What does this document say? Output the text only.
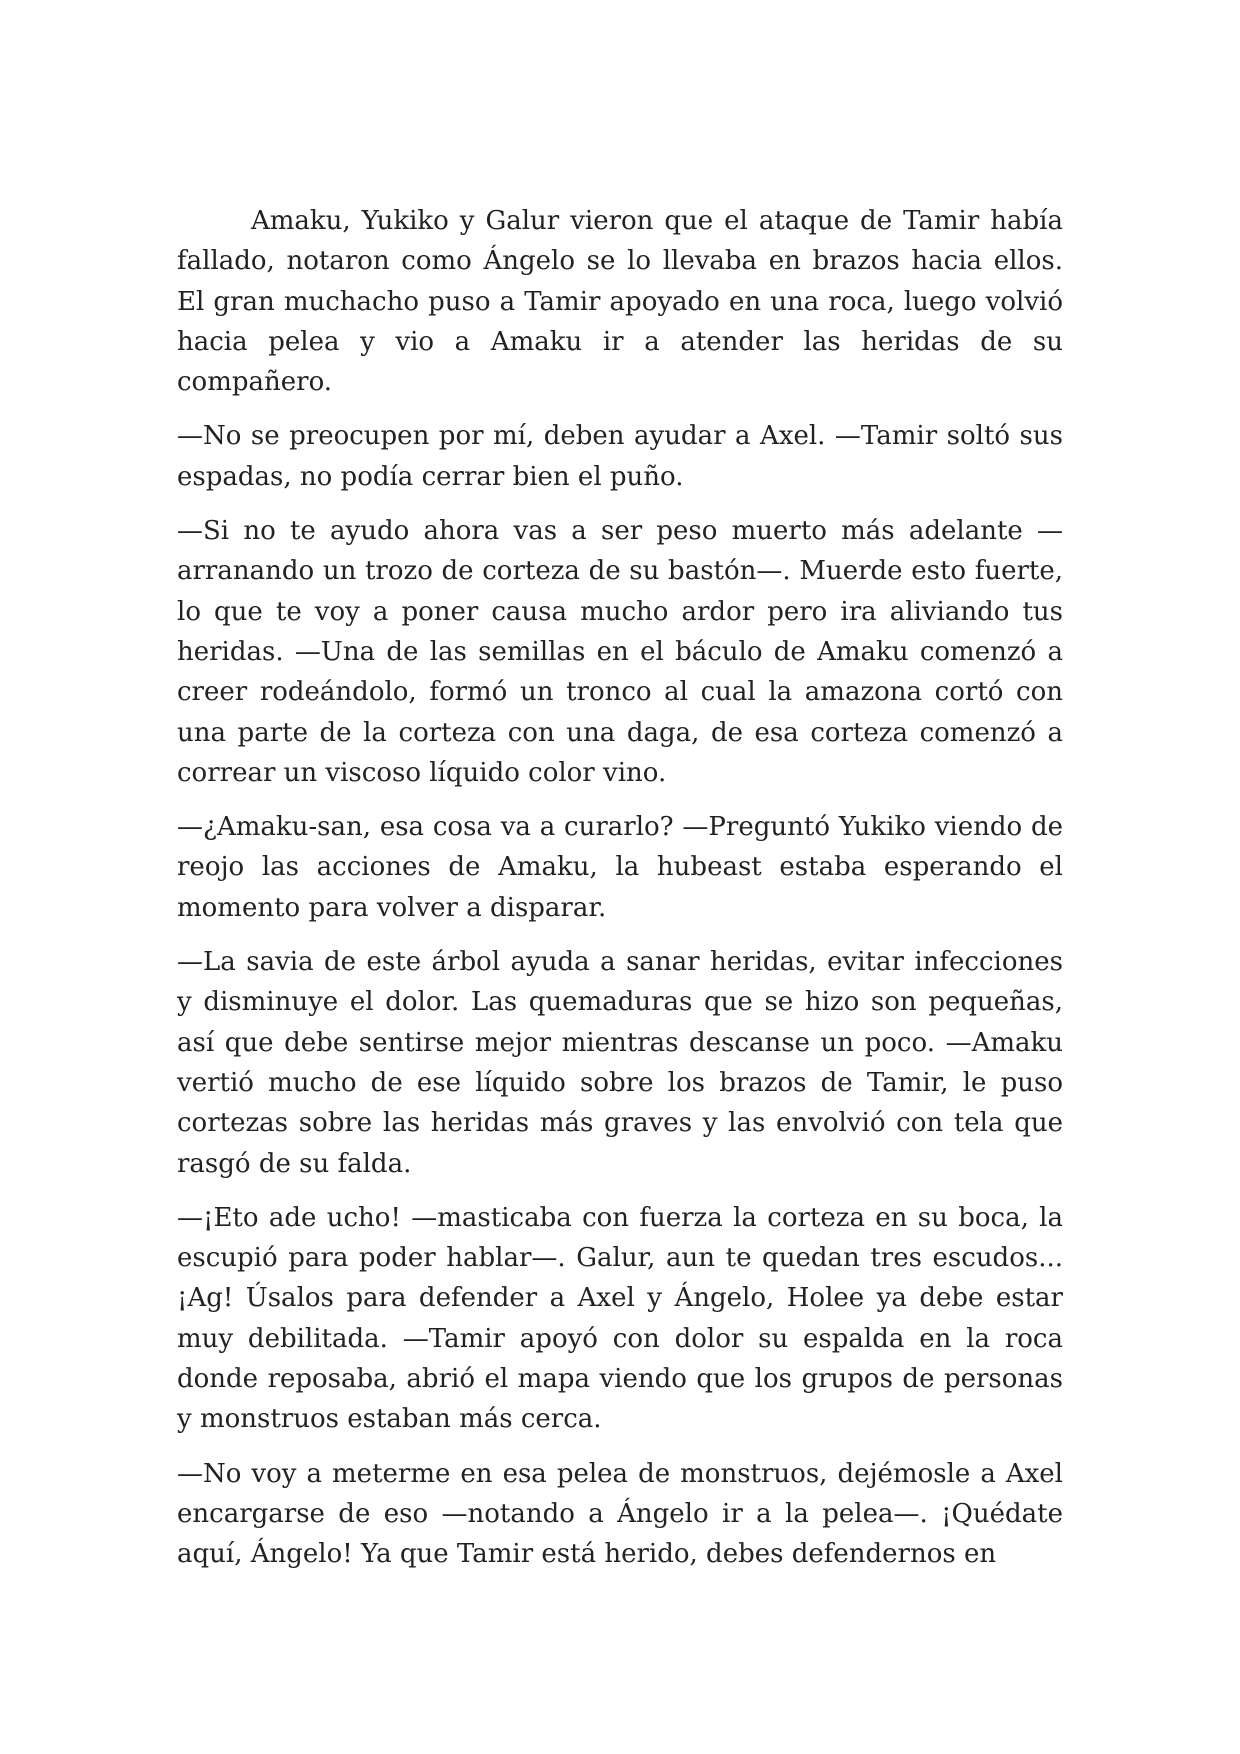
Amaku, Yukiko y Galur vieron que el ataque de Tamir había fallado, notaron como Ángelo se lo llevaba en brazos hacia ellos. El gran muchacho puso a Tamir apoyado en una roca, luego volvió hacia pelea y vio a Amaku ir a atender las heridas de su compañero.

—No se preocupen por mí, deben ayudar a Axel. —Tamir soltó sus espadas, no podía cerrar bien el puño.

—Si no te ayudo ahora vas a ser peso muerto más adelante —arranando un trozo de corteza de su bastón—. Muerde esto fuerte, lo que te voy a poner causa mucho ardor pero ira aliviando tus heridas. —Una de las semillas en el báculo de Amaku comenzó a creer rodeándolo, formó un tronco al cual la amazona cortó con una parte de la corteza con una daga, de esa corteza comenzó a correar un viscoso líquido color vino.

—¿Amaku-san, esa cosa va a curarlo? —Preguntó Yukiko viendo de reojo las acciones de Amaku, la hubeast estaba esperando el momento para volver a disparar.

—La savia de este árbol ayuda a sanar heridas, evitar infecciones y disminuye el dolor. Las quemaduras que se hizo son pequeñas, así que debe sentirse mejor mientras descanse un poco. —Amaku vertió mucho de ese líquido sobre los brazos de Tamir, le puso cortezas sobre las heridas más graves y las envolvió con tela que rasgó de su falda.

—¡Eto ade ucho! —masticaba con fuerza la corteza en su boca, la escupió para poder hablar—. Galur, aun te quedan tres escudos... ¡Ag! Úsalos para defender a Axel y Ángelo, Holee ya debe estar muy debilitada. —Tamir apoyó con dolor su espalda en la roca donde reposaba, abrió el mapa viendo que los grupos de personas y monstruos estaban más cerca.

—No voy a meterme en esa pelea de monstruos, dejémosle a Axel encargarse de eso —notando a Ángelo ir a la pelea—. ¡Quédate aquí, Ángelo! Ya que Tamir está herido, debes defendernos en
